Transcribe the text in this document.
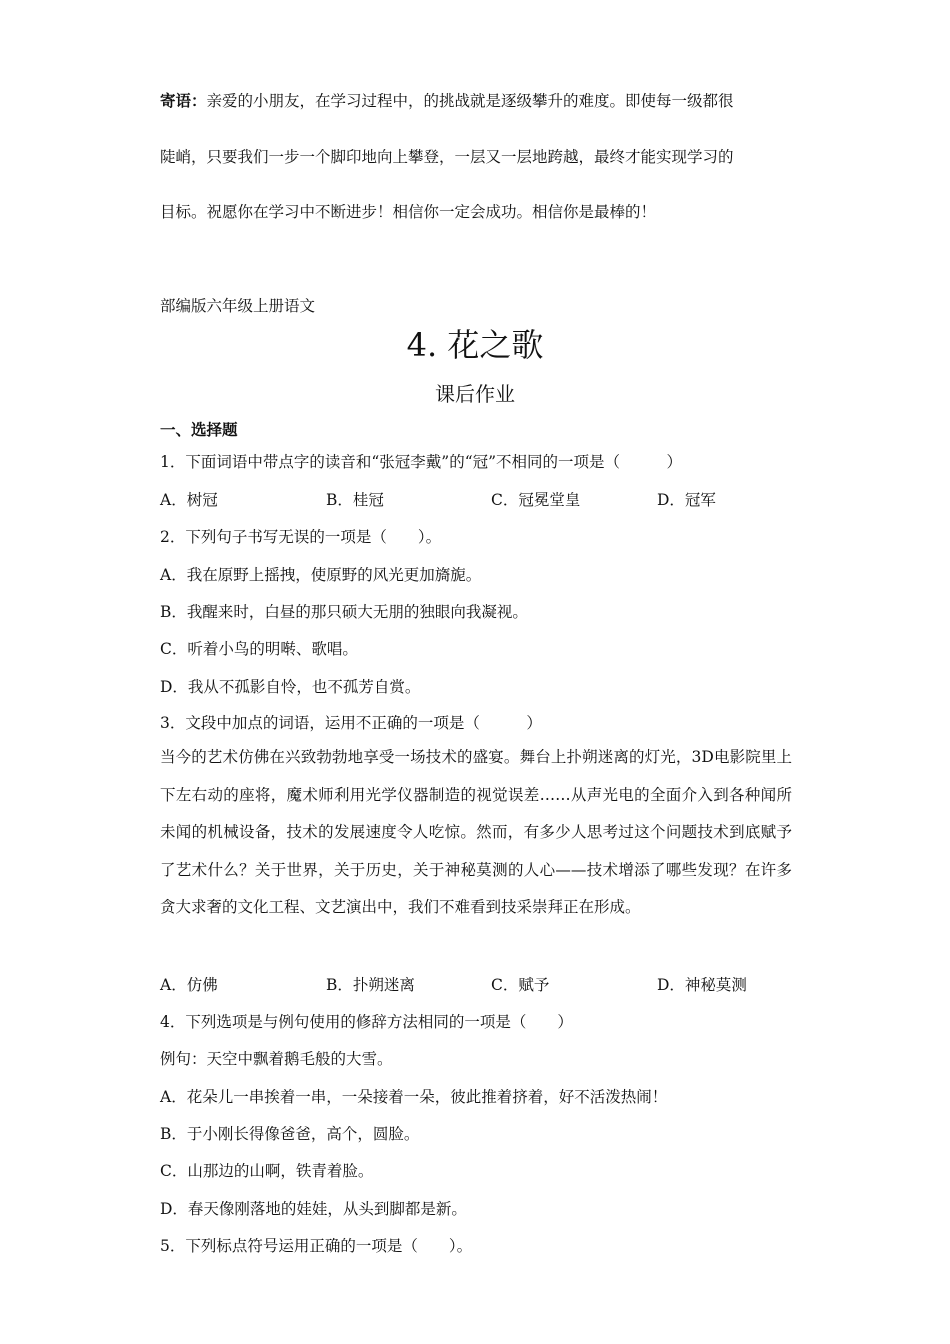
寄语：亲爱的小朋友，在学习过程中，的挑战就是逐级攀升的难度。即使每一级都很
陡峭，只要我们一步一个脚印地向上攀登，一层又一层地跨越，最终才能实现学习的
目标。祝愿你在学习中不断进步！相信你一定会成功。相信你是最棒的！
部编版六年级上册语文
4. 花之歌
课后作业
一、选择题
1．下面词语中带点字的读音和“张冠李戴”的“冠”不相同的一项是（　　　）
A．树冠	B．桂冠	C．冠冕堂皇	D．冠军
2．下列句子书写无误的一项是（　　）。
A．我在原野上摇拽，使原野的风光更加旖旎。
B．我醒来时，白昼的那只硕大无朋的独眼向我凝视。
C．听着小鸟的明啭、歌唱。
D．我从不孤影自怜，也不孤芳自赏。
3．文段中加点的词语，运用不正确的一项是（　　　）
当今的艺术仿佛在兴致勃勃地享受一场技术的盛宴。舞台上扑朔迷离的灯光，3D电影院里上下左右动的座将，魔术师利用光学仪器制造的视觉误差……从声光电的全面介入到各种闻所未闻的机械设备，技术的发展速度令人吃惊。然而，有多少人思考过这个问题技术到底赋予了艺术什么？关于世界，关于历史，关于神秘莫测的人心——技术增添了哪些发现？在许多贪大求奢的文化工程、文艺演出中，我们不难看到技采崇拜正在形成。
A．仿佛	B．扑朔迷离	C．赋予	D．神秘莫测
4．下列选项是与例句使用的修辞方法相同的一项是（　　）
例句：天空中飘着鹅毛般的大雪。
A．花朵儿一串挨着一串，一朵接着一朵，彼此推着挤着，好不活泼热闹！
B．于小刚长得像爸爸，高个，圆脸。
C．山那边的山啊，铁青着脸。
D．春天像刚落地的娃娃，从头到脚都是新。
5．下列标点符号运用正确的一项是（　　）。
